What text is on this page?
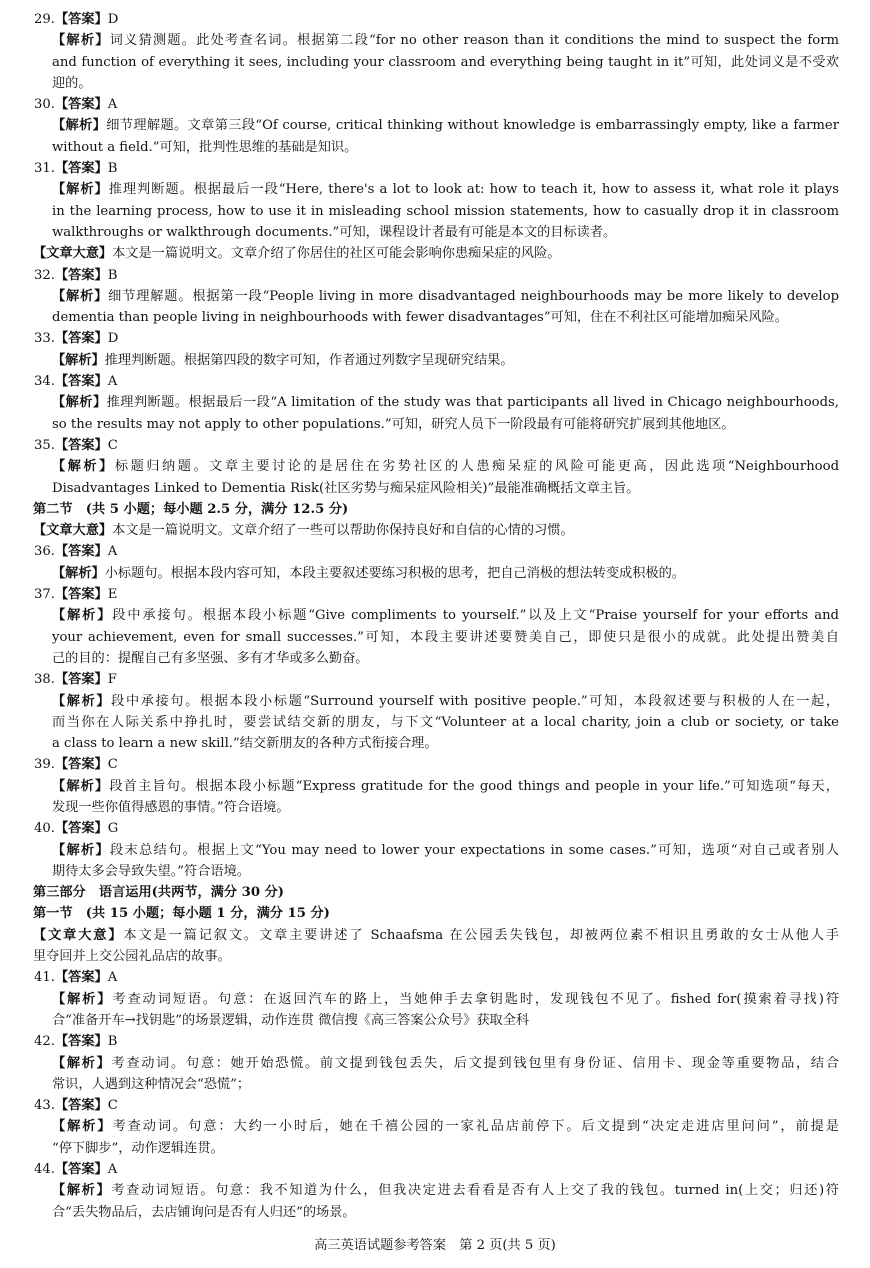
29.【答案】D
【解析】词义猜测题。此处考查名词。根据第二段“for no other reason than it conditions the mind to suspect the form
and function of everything it sees, including your classroom and everything being taught in it”可知，此处词义是不受欢
迎的。
30.【答案】A
【解析】细节理解题。文章第三段“Of course, critical thinking without knowledge is embarrassingly empty, like a farmer
without a field.”可知，批判性思维的基础是知识。
31.【答案】B
【解析】推理判断题。根据最后一段“Here, there's a lot to look at: how to teach it, how to assess it, what role it plays
in the learning process, how to use it in misleading school mission statements, how to casually drop it in classroom
walkthroughs or walkthrough documents.”可知，课程设计者最有可能是本文的目标读者。
【文章大意】本文是一篇说明文。文章介绍了你居住的社区可能会影响你患痴呆症的风险。
32.【答案】B
【解析】细节理解题。根据第一段“People living in more disadvantaged neighbourhoods may be more likely to develop
dementia than people living in neighbourhoods with fewer disadvantages”可知，住在不利社区可能增加痴呆风险。
33.【答案】D
【解析】推理判断题。根据第四段的数字可知，作者通过列数字呈现研究结果。
34.【答案】A
【解析】推理判断题。根据最后一段“A limitation of the study was that participants all lived in Chicago neighbourhoods,
so the results may not apply to other populations.”可知，研究人员下一阶段最有可能将研究扩展到其他地区。
35.【答案】C
【解析】标题归纳题。文章主要讨论的是居住在劣势社区的人患痴呆症的风险可能更高，因此选项“Neighbourhood
Disadvantages Linked to Dementia Risk(社区劣势与痴呆症风险相关)”最能准确概括文章主旨。
第二节　(共 5 小题；每小题 2.5 分，满分 12.5 分)
【文章大意】本文是一篇说明文。文章介绍了一些可以帮助你保持良好和自信的心情的习惯。
36.【答案】A
【解析】小标题句。根据本段内容可知，本段主要叙述要练习积极的思考，把自己消极的想法转变成积极的。
37.【答案】E
【解析】段中承接句。根据本段小标题“Give compliments to yourself.”以及上文“Praise yourself for your efforts and
your achievement, even for small successes.”可知，本段主要讲述要赞美自己，即使只是很小的成就。此处提出赞美自
己的目的：提醒自己有多坚强、多有才华或多么勤奋。
38.【答案】F
【解析】段中承接句。根据本段小标题“Surround yourself with positive people.”可知，本段叙述要与积极的人在一起，
而当你在人际关系中挣扎时，要尝试结交新的朋友，与下文“Volunteer at a local charity, join a club or society, or take
a class to learn a new skill.”结交新朋友的各种方式衔接合理。
39.【答案】C
【解析】段首主旨句。根据本段小标题“Express gratitude for the good things and people in your life.”可知选项“每天，
发现一些你值得感恩的事情。”符合语境。
40.【答案】G
【解析】段末总结句。根据上文“You may need to lower your expectations in some cases.”可知，选项“对自己或者别人
期待太多会导致失望。”符合语境。
第三部分　语言运用(共两节，满分 30 分)
第一节　(共 15 小题；每小题 1 分，满分 15 分)
【文章大意】本文是一篇记叙文。文章主要讲述了 Schaafsma 在公园丢失钱包，却被两位素不相识且勇敢的女士从他人手
里夺回并上交公园礼品店的故事。
41.【答案】A
【解析】考查动词短语。句意：在返回汽车的路上，当她伸手去拿钥匙时，发现钱包不见了。fished for(摸索着寻找)符
合“准备开车→找钥匙”的场景逻辑，动作连贯 微信搜《高三答案公众号》获取全科
42.【答案】B
【解析】考查动词。句意：她开始恐慌。前文提到钱包丢失，后文提到钱包里有身份证、信用卡、现金等重要物品，结合
常识，人遇到这种情况会“恐慌”；
43.【答案】C
【解析】考查动词。句意：大约一小时后，她在千禧公园的一家礼品店前停下。后文提到“决定走进店里问问”，前提是
“停下脚步”，动作逻辑连贯。
44.【答案】A
【解析】考查动词短语。句意：我不知道为什么，但我决定进去看看是否有人上交了我的钱包。turned in(上交；归还)符
合“丢失物品后，去店铺询问是否有人归还”的场景。
高三英语试题参考答案　第 2 页(共 5 页)
